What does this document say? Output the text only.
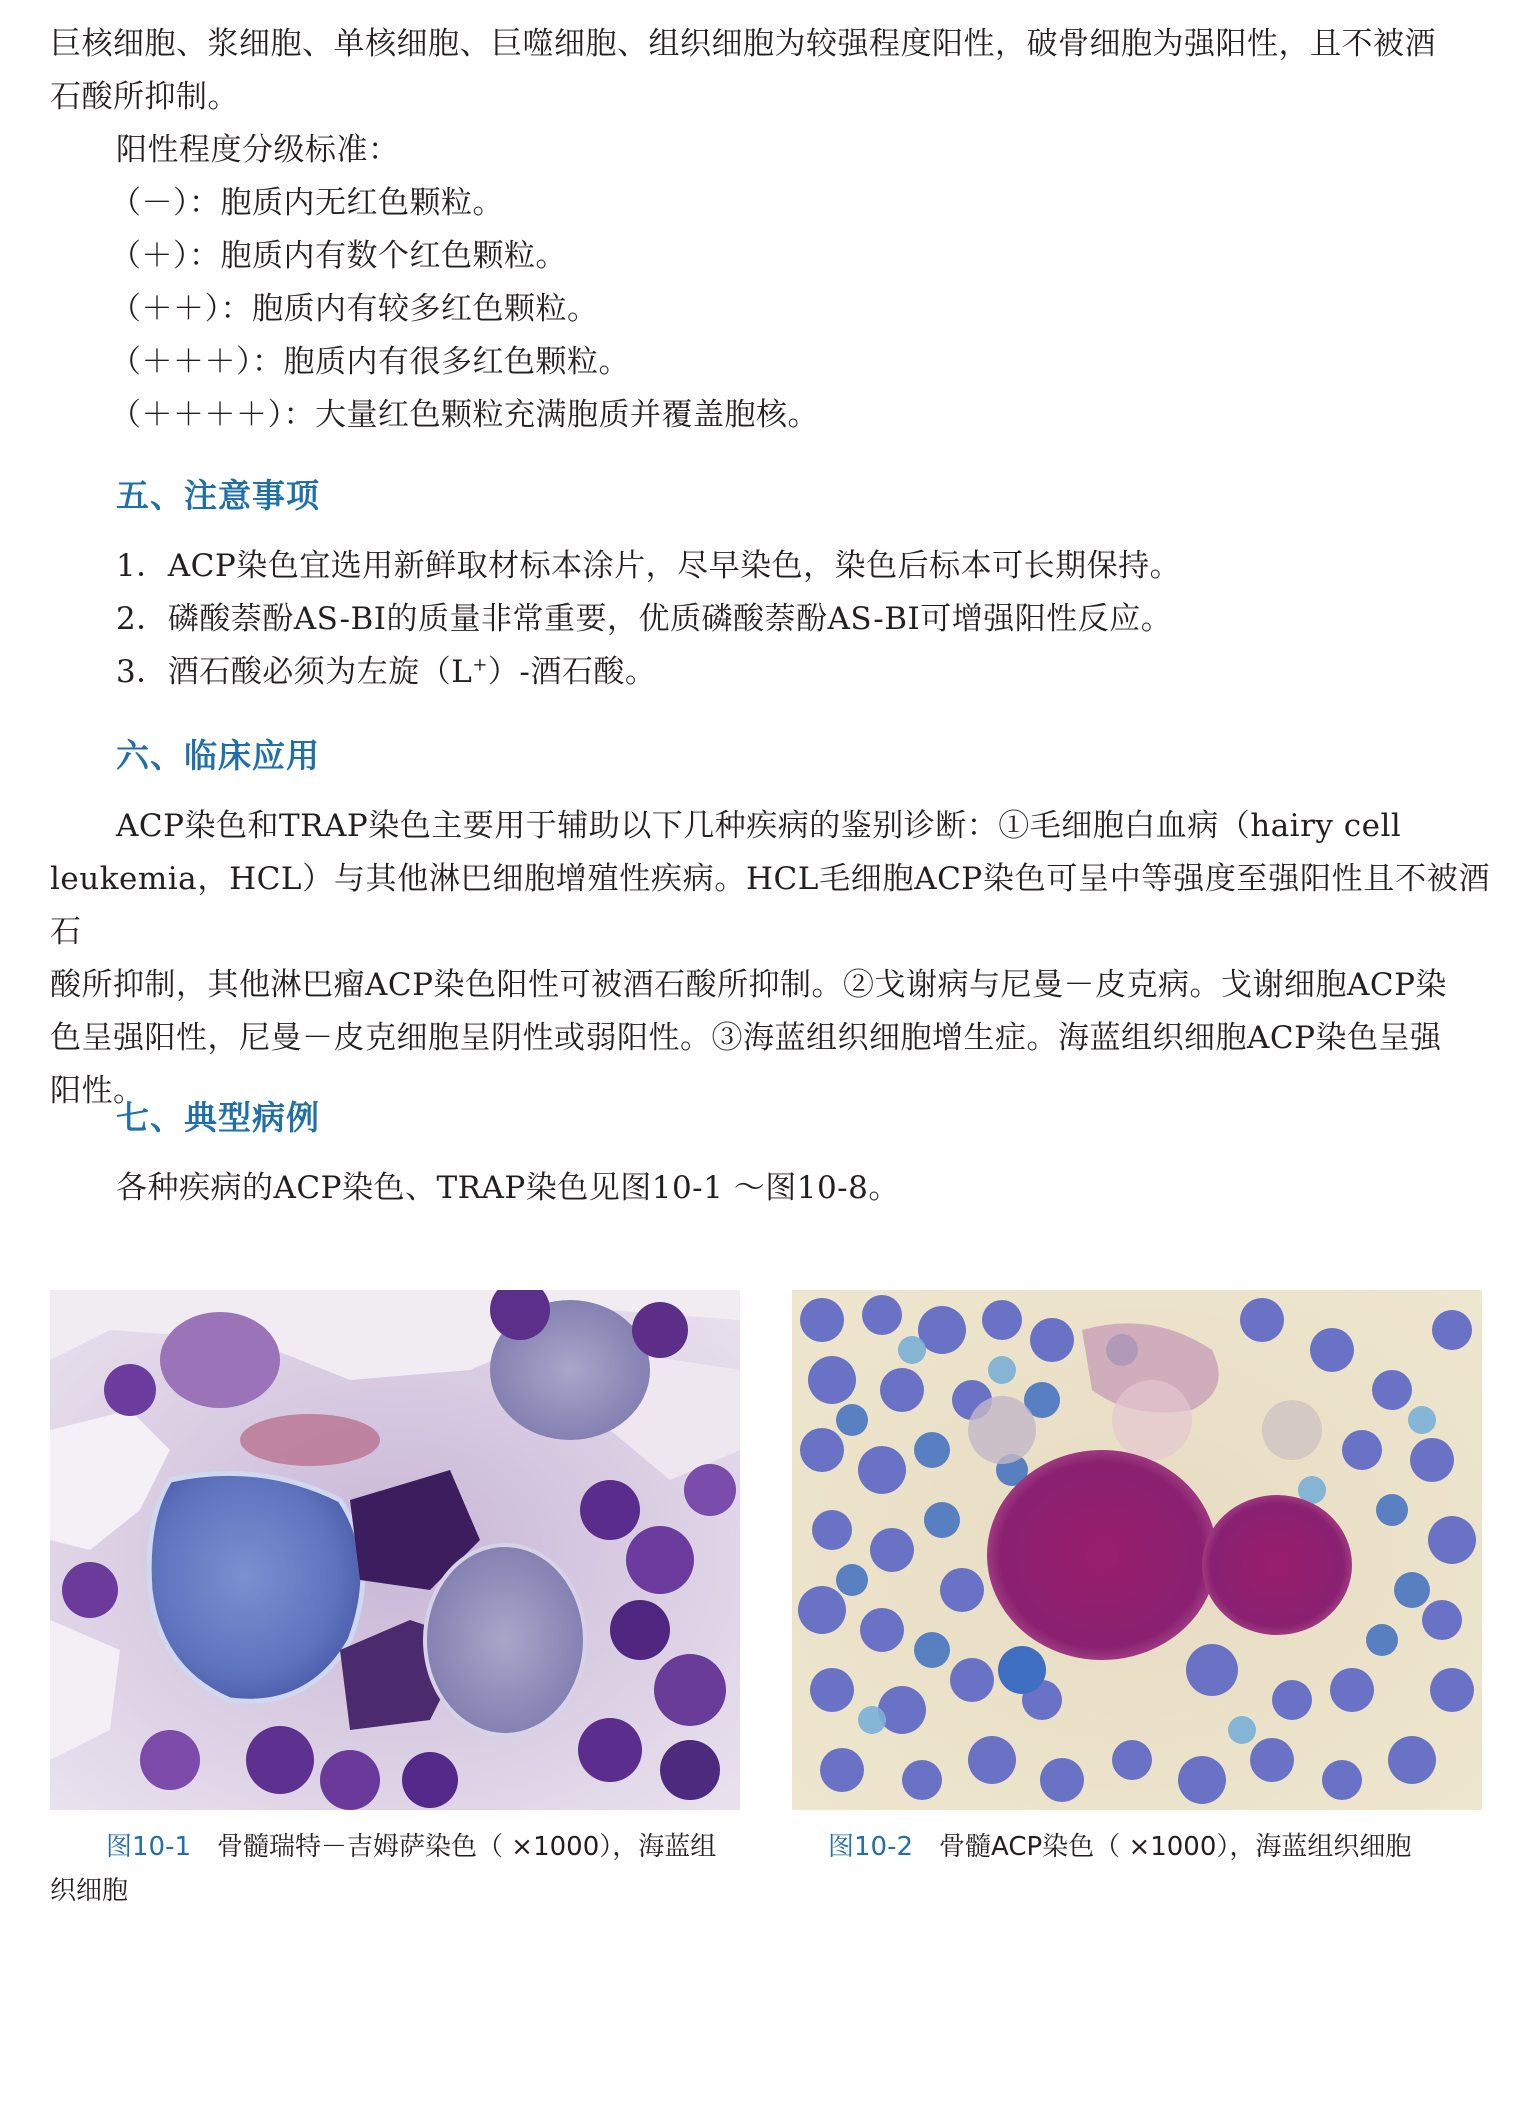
巨核细胞、浆细胞、单核细胞、巨噬细胞、组织细胞为较强程度阳性，破骨细胞为强阳性，且不被酒

石酸所抑制。

阳性程度分级标准：

（－）：胞质内无红色颗粒。

（＋）：胞质内有数个红色颗粒。

（＋＋）：胞质内有较多红色颗粒。

（＋＋＋）：胞质内有很多红色颗粒。

（＋＋＋＋）：大量红色颗粒充满胞质并覆盖胞核。

五、注意事项

1．ACP染色宜选用新鲜取材标本涂片，尽早染色，染色后标本可长期保持。

2．磷酸萘酚AS-BI的质量非常重要，优质磷酸萘酚AS-BI可增强阳性反应。

3．酒石酸必须为左旋（L+）-酒石酸。

六、临床应用

ACP染色和TRAP染色主要用于辅助以下几种疾病的鉴别诊断：①毛细胞白血病（hairy cell

leukemia，HCL）与其他淋巴细胞增殖性疾病。HCL毛细胞ACP染色可呈中等强度至强阳性且不被酒石

酸所抑制，其他淋巴瘤ACP染色阳性可被酒石酸所抑制。②戈谢病与尼曼－皮克病。戈谢细胞ACP染

色呈强阳性，尼曼－皮克细胞呈阴性或弱阳性。③海蓝组织细胞增生症。海蓝组织细胞ACP染色呈强

阳性。

七、典型病例

各种疾病的ACP染色、TRAP染色见图10-1 ～图10-8。

图10-1 骨髓瑞特－吉姆萨染色（ ×1000），海蓝组

织细胞

图10-2 骨髓ACP染色（ ×1000），海蓝组织细胞
